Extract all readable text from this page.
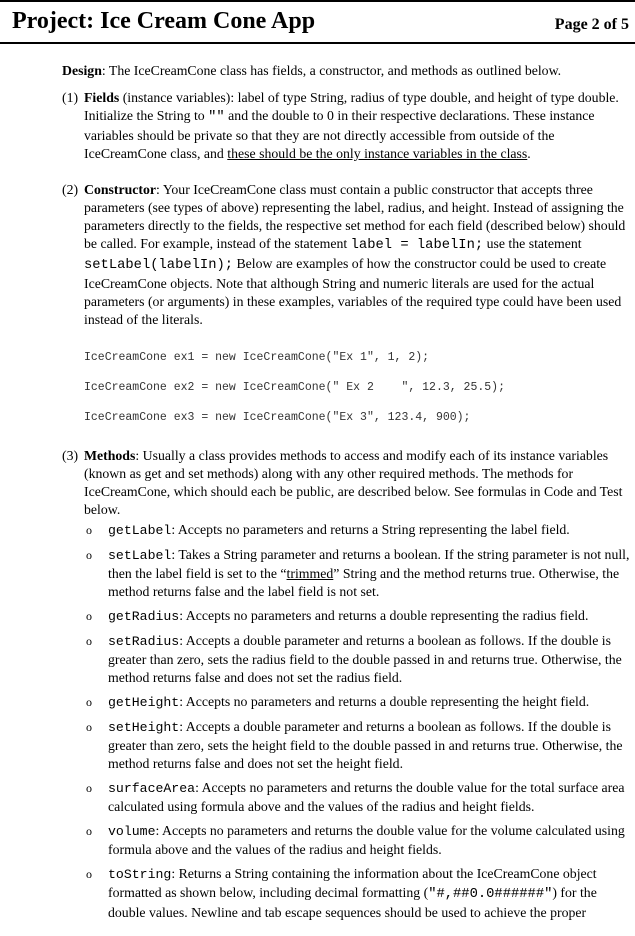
Project: Ice Cream Cone App	Page 2 of 5

Design: The IceCreamCone class has fields, a constructor, and methods as outlined below.

(1) Fields (instance variables): label of type String, radius of type double, and height of type double. Initialize the String to "" and the double to 0 in their respective declarations. These instance variables should be private so that they are not directly accessible from outside of the IceCreamCone class, and these should be the only instance variables in the class.

(2) Constructor: Your IceCreamCone class must contain a public constructor that accepts three parameters (see types of above) representing the label, radius, and height. Instead of assigning the parameters directly to the fields, the respective set method for each field (described below) should be called. For example, instead of the statement label = labelIn; use the statement setLabel(labelIn); Below are examples of how the constructor could be used to create IceCreamCone objects. Note that although String and numeric literals are used for the actual parameters (or arguments) in these examples, variables of the required type could have been used instead of the literals.

IceCreamCone ex1 = new IceCreamCone("Ex 1", 1, 2);

IceCreamCone ex2 = new IceCreamCone(" Ex 2    ", 12.3, 25.5);

IceCreamCone ex3 = new IceCreamCone("Ex 3", 123.4, 900);

(3) Methods: Usually a class provides methods to access and modify each of its instance variables (known as get and set methods) along with any other required methods. The methods for IceCreamCone, which should each be public, are described below. See formulas in Code and Test below.

o getLabel: Accepts no parameters and returns a String representing the label field.
o setLabel: Takes a String parameter and returns a boolean. If the string parameter is not null, then the label field is set to the “trimmed” String and the method returns true. Otherwise, the method returns false and the label field is not set.
o getRadius: Accepts no parameters and returns a double representing the radius field.
o setRadius: Accepts a double parameter and returns a boolean as follows. If the double is greater than zero, sets the radius field to the double passed in and returns true. Otherwise, the method returns false and does not set the radius field.
o getHeight: Accepts no parameters and returns a double representing the height field.
o setHeight: Accepts a double parameter and returns a boolean as follows. If the double is greater than zero, sets the height field to the double passed in and returns true. Otherwise, the method returns false and does not set the height field.
o surfaceArea: Accepts no parameters and returns the double value for the total surface area calculated using formula above and the values of the radius and height fields.
o volume: Accepts no parameters and returns the double value for the volume calculated using formula above and the values of the radius and height fields.
o toString: Returns a String containing the information about the IceCreamCone object formatted as shown below, including decimal formatting ("#,##0.0######") for the double values. Newline and tab escape sequences should be used to achieve the proper
